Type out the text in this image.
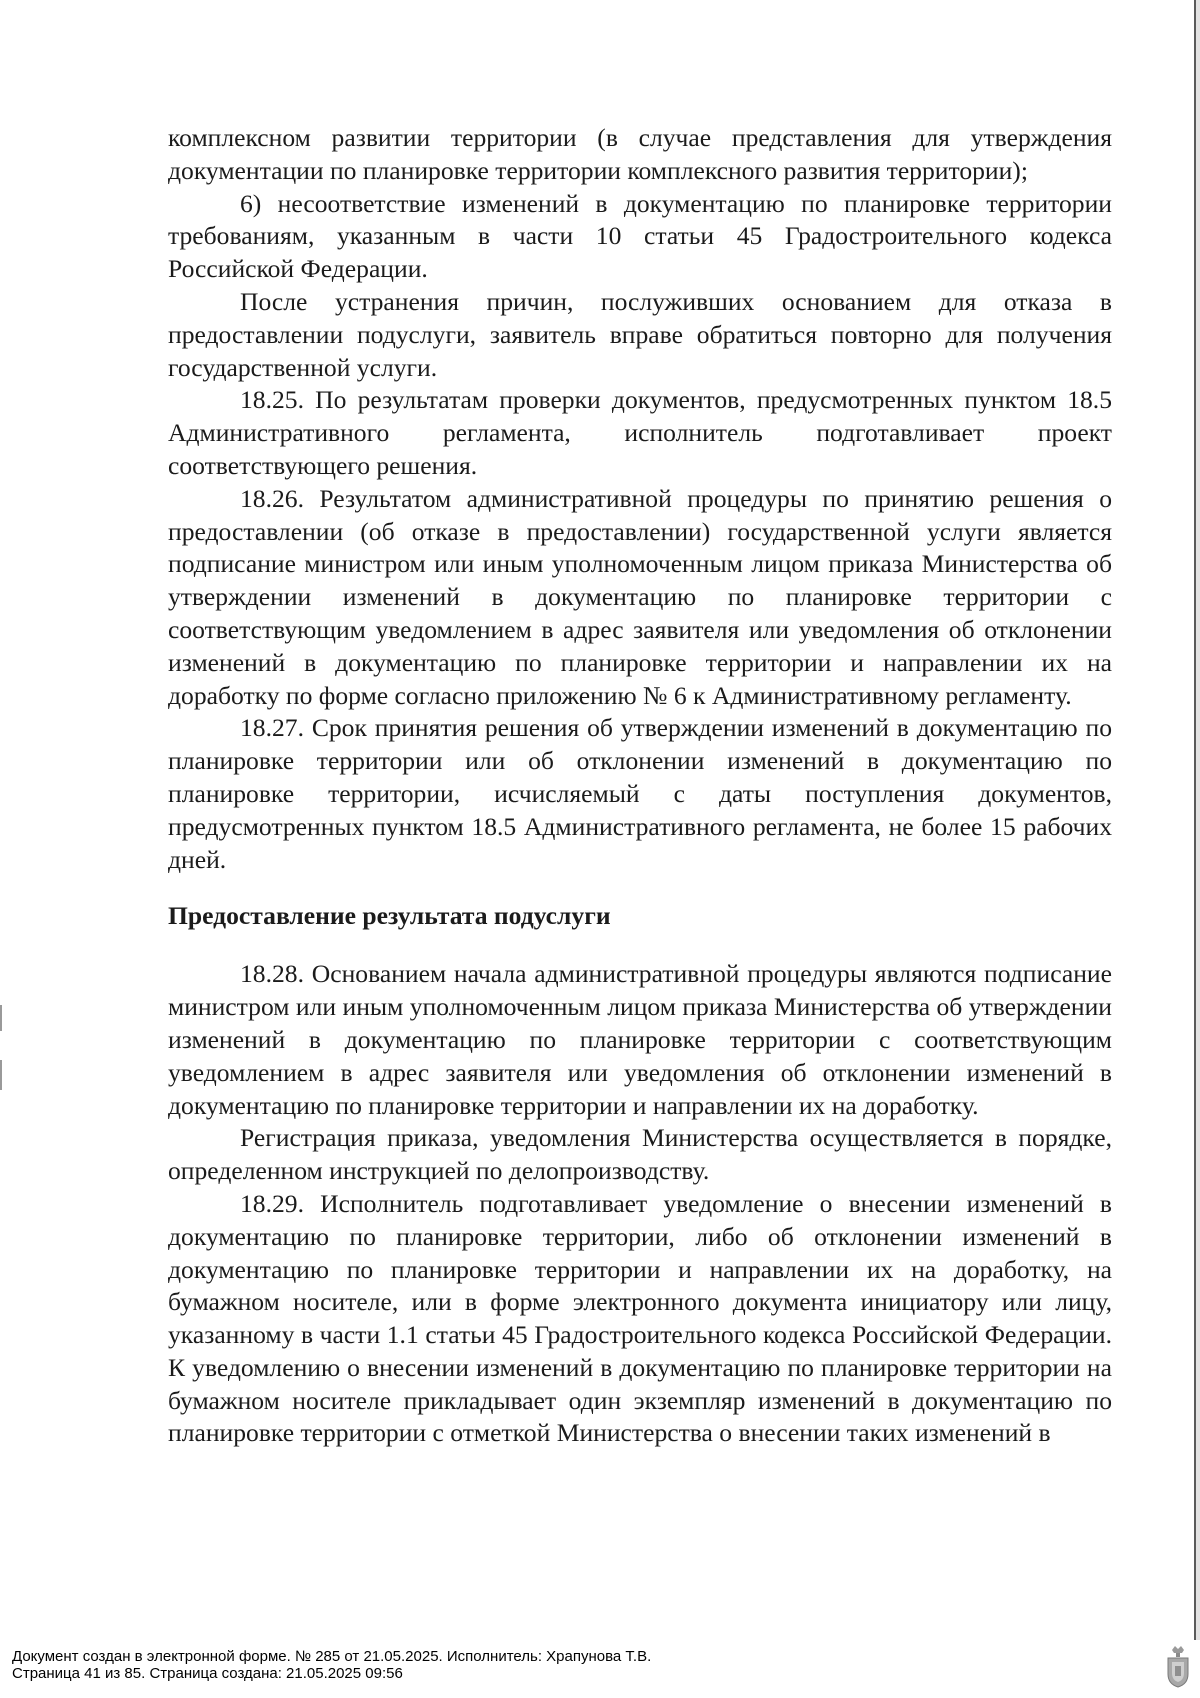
комплексном развитии территории (в случае представления для утверждения документации по планировке территории комплексного развития территории);

6) несоответствие изменений в документацию по планировке территории требованиям, указанным в части 10 статьи 45 Градостроительного кодекса Российской Федерации.

После устранения причин, послуживших основанием для отказа в предоставлении подуслуги, заявитель вправе обратиться повторно для получения государственной услуги.

18.25. По результатам проверки документов, предусмотренных пунктом 18.5 Административного регламента, исполнитель подготавливает проект соответствующего решения.

18.26. Результатом административной процедуры по принятию решения о предоставлении (об отказе в предоставлении) государственной услуги является подписание министром или иным уполномоченным лицом приказа Министерства об утверждении изменений в документацию по планировке территории с соответствующим уведомлением в адрес заявителя или уведомления об отклонении изменений в документацию по планировке территории и направлении их на доработку по форме согласно приложению № 6 к Административному регламенту.

18.27. Срок принятия решения об утверждении изменений в документацию по планировке территории или об отклонении изменений в документацию по планировке территории, исчисляемый с даты поступления документов, предусмотренных пунктом 18.5 Административного регламента, не более 15 рабочих дней.

Предоставление результата подуслуги

18.28. Основанием начала административной процедуры являются подписание министром или иным уполномоченным лицом приказа Министерства об утверждении изменений в документацию по планировке территории с соответствующим уведомлением в адрес заявителя или уведомления об отклонении изменений в документацию по планировке территории и направлении их на доработку.

Регистрация приказа, уведомления Министерства осуществляется в порядке, определенном инструкцией по делопроизводству.

18.29. Исполнитель подготавливает уведомление о внесении изменений в документацию по планировке территории, либо об отклонении изменений в документацию по планировке территории и направлении их на доработку, на бумажном носителе, или в форме электронного документа инициатору или лицу, указанному в части 1.1 статьи 45 Градостроительного кодекса Российской Федерации. К уведомлению о внесении изменений в документацию по планировке территории на бумажном носителе прикладывает один экземпляр изменений в документацию по планировке территории с отметкой Министерства о внесении таких изменений в

Документ создан в электронной форме. № 285 от 21.05.2025. Исполнитель: Храпунова Т.В.
Страница 41 из 85. Страница создана: 21.05.2025 09:56
